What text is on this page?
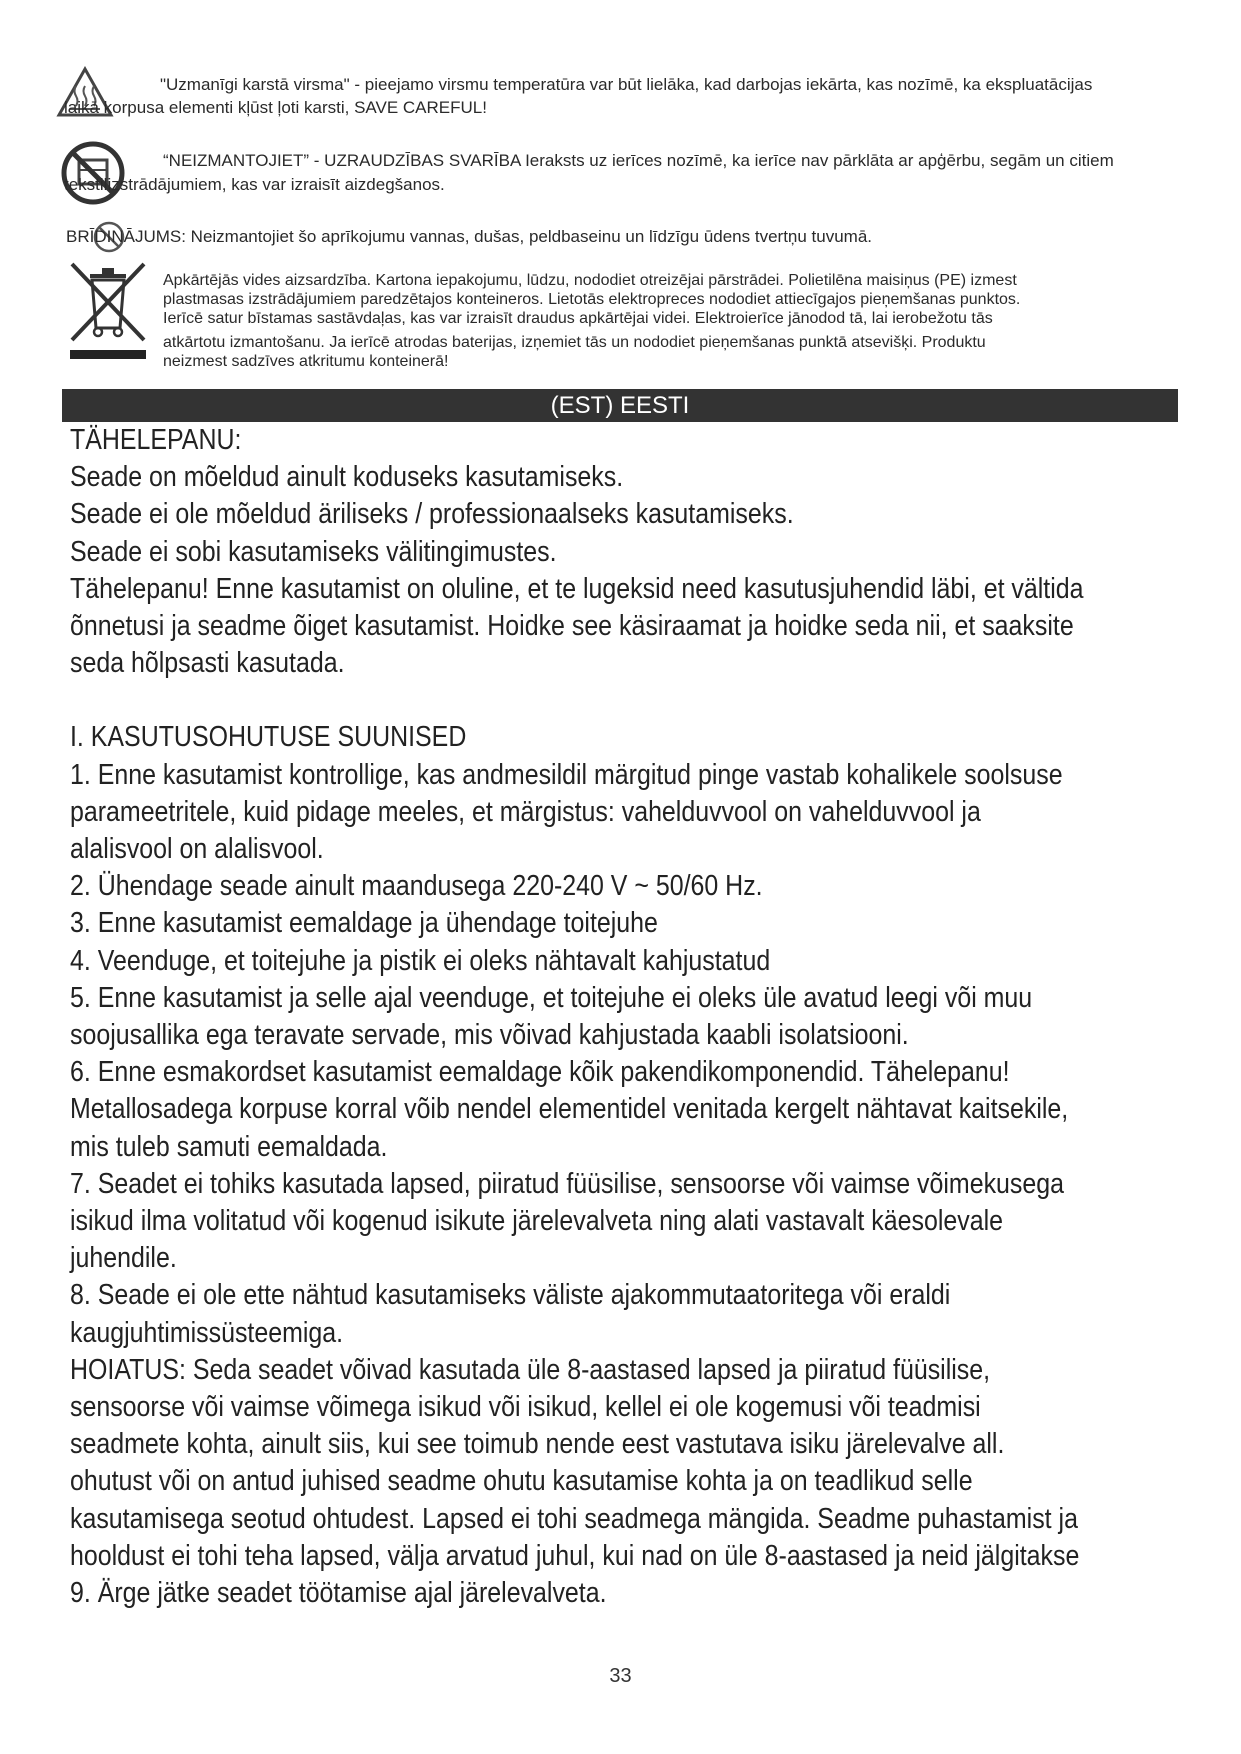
"Uzmanīgi karstā virsma" - pieejamo virsmu temperatūra var būt lielāka, kad darbojas iekārta, kas nozīmē, ka ekspluatācijas
laikā korpusa elementi kļūst ļoti karsti, SAVE CAREFUL!
“NEIZMANTOJIET” - UZRAUDZĪBAS SVARĪBA Ieraksts uz ierīces nozīmē, ka ierīce nav pārklāta ar apģērbu, segām un citiem
tekstilizstrādājumiem, kas var izraisīt aizdegšanos.
BRĪDINĀJUMS: Neizmantojiet šo aprīkojumu vannas, dušas, peldbaseinu un līdzīgu ūdens tvertņu tuvumā.
Apkārtējās vides aizsardzība. Kartona iepakojumu, lūdzu, nododiet otreizējai pārstrādei. Polietilēna maisiņus (PE) izmest
plastmasas izstrādājumiem paredzētajos konteineros. Lietotās elektropreces nododiet attiecīgajos pieņemšanas punktos.
Ierīcē satur bīstamas sastāvdaļas, kas var izraisīt draudus apkārtējai videi. Elektroierīce jānodod tā, lai ierobežotu tās
atkārtotu izmantošanu. Ja ierīcē atrodas baterijas, izņemiet tās un nododiet pieņemšanas punktā atsevišķi. Produktu
neizmest sadzīves atkritumu konteinerā!
(EST) EESTI
TÄHELEPANU:
Seade on mõeldud ainult koduseks kasutamiseks.
Seade ei ole mõeldud äriliseks / professionaalseks kasutamiseks.
Seade ei sobi kasutamiseks välitingimustes.
Tähelepanu! Enne kasutamist on oluline, et te lugeksid need kasutusjuhendid läbi, et vältida
õnnetusi ja seadme õiget kasutamist. Hoidke see käsiraamat ja hoidke seda nii, et saaksite
seda hõlpsasti kasutada.
I. KASUTUSOHUTUSE SUUNISED
1. Enne kasutamist kontrollige, kas andmesildil märgitud pinge vastab kohalikele soolsuse
parameetritele, kuid pidage meeles, et märgistus: vahelduvvool on vahelduvvool ja
alalisvool on alalisvool.
2. Ühendage seade ainult maandusega 220-240 V ~ 50/60 Hz.
3. Enne kasutamist eemaldage ja ühendage toitejuhe
4. Veenduge, et toitejuhe ja pistik ei oleks nähtavalt kahjustatud
5. Enne kasutamist ja selle ajal veenduge, et toitejuhe ei oleks üle avatud leegi või muu
soojusallika ega teravate servade, mis võivad kahjustada kaabli isolatsiooni.
6. Enne esmakordset kasutamist eemaldage kõik pakendikomponendid. Tähelepanu!
Metallosadega korpuse korral võib nendel elementidel venitada kergelt nähtavat kaitsekile,
mis tuleb samuti eemaldada.
7. Seadet ei tohiks kasutada lapsed, piiratud füüsilise, sensoorse või vaimse võimekusega
isikud ilma volitatud või kogenud isikute järelevalveta ning alati vastavalt käesolevale
juhendile.
8. Seade ei ole ette nähtud kasutamiseks väliste ajakommutaatoritega või eraldi
kaugjuhtimissüsteemiga.
HOIATUS: Seda seadet võivad kasutada üle 8-aastased lapsed ja piiratud füüsilise,
sensoorse või vaimse võimega isikud või isikud, kellel ei ole kogemusi või teadmisi
seadmete kohta, ainult siis, kui see toimub nende eest vastutava isiku järelevalve all.
ohutust või on antud juhised seadme ohutu kasutamise kohta ja on teadlikud selle
kasutamisega seotud ohtudest. Lapsed ei tohi seadmega mängida. Seadme puhastamist ja
hooldust ei tohi teha lapsed, välja arvatud juhul, kui nad on üle 8-aastased ja neid jälgitakse
9. Ärge jätke seadet töötamise ajal järelevalveta.
33
